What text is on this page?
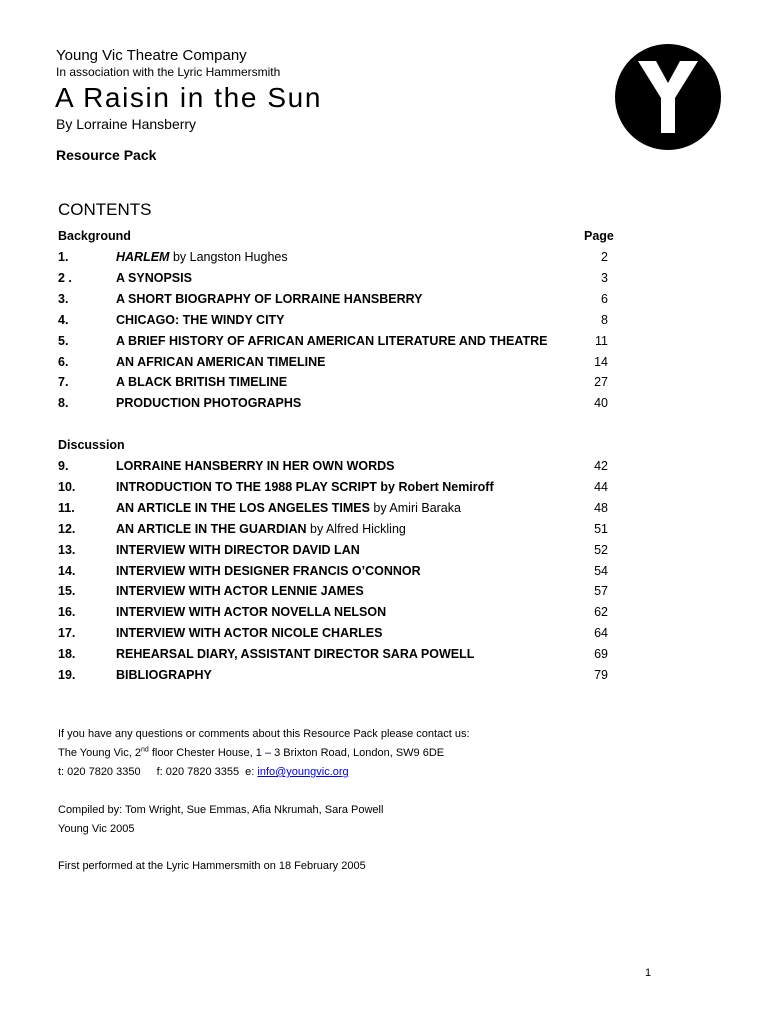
Young Vic Theatre Company
In association with the Lyric Hammersmith
A Raisin in the Sun
By Lorraine Hansberry
Resource Pack
CONTENTS
Background	Page
1.	HARLEM by Langston Hughes	2
2 .	A SYNOPSIS	3
3.	A SHORT BIOGRAPHY OF LORRAINE HANSBERRY	6
4.	CHICAGO: THE WINDY CITY	8
5.	A BRIEF HISTORY OF AFRICAN AMERICAN LITERATURE AND THEATRE	11
6.	AN AFRICAN AMERICAN TIMELINE	14
7.	A BLACK BRITISH TIMELINE	27
8.	PRODUCTION PHOTOGRAPHS	40
Discussion
9.	LORRAINE HANSBERRY IN HER OWN WORDS	42
10.	INTRODUCTION TO THE 1988 PLAY SCRIPT by Robert Nemiroff	44
11.	AN ARTICLE IN THE LOS ANGELES TIMES by Amiri Baraka	48
12.	AN ARTICLE IN THE GUARDIAN by Alfred Hickling	51
13.	INTERVIEW WITH DIRECTOR DAVID LAN	52
14.	INTERVIEW WITH DESIGNER FRANCIS O’CONNOR	54
15.	INTERVIEW WITH ACTOR LENNIE JAMES	57
16.	INTERVIEW WITH ACTOR NOVELLA NELSON	62
17.	INTERVIEW WITH ACTOR NICOLE CHARLES	64
18.	REHEARSAL DIARY, ASSISTANT DIRECTOR SARA POWELL	69
19.	BIBLIOGRAPHY	79
If you have any questions or comments about this Resource Pack please contact us:
The Young Vic, 2nd floor Chester House, 1 – 3 Brixton Road, London, SW9 6DE
t: 020 7820 3350 f: 020 7820 3355 e: info@youngvic.org
Compiled by: Tom Wright, Sue Emmas, Afia Nkrumah, Sara Powell
Young Vic 2005
First performed at the Lyric Hammersmith on 18 February 2005
1
